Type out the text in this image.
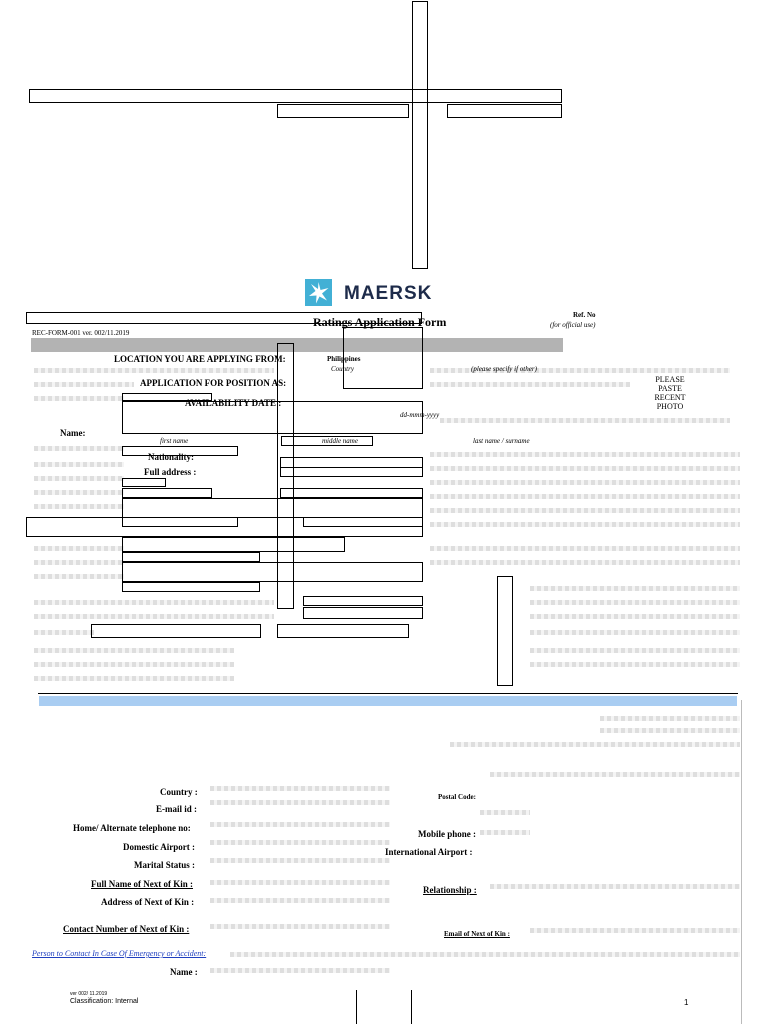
MAERSK
Ratings Application Form	Ref. No
(for official use)
REC-FORM-001 ver. 002/11.2019
PLEASE
PASTE
RECENT
PHOTO
LOCATION YOU ARE APPLYING FROM:	Philippines
Country	(please specify if other)
APPLICATION FOR POSITION AS:
AVAILABILITY DATE :
dd-mmm-yyyy
Name:
first name	middle name	last name / surname
Nationality:
Full address :
Country :	Postal Code:
E-mail id :
Home/ Alternate telephone no:
Mobile phone :
Domestic Airport :	International Airport :
Marital Status :
Full Name of Next of Kin :
Relationship :
Address of Next of Kin :
Contact Number of Next of Kin :	Email of Next of Kin :
Person to Contact In Case Of Emergency or Accident:
Name :
ver 002/ 11.2019
Classification: Internal	1
